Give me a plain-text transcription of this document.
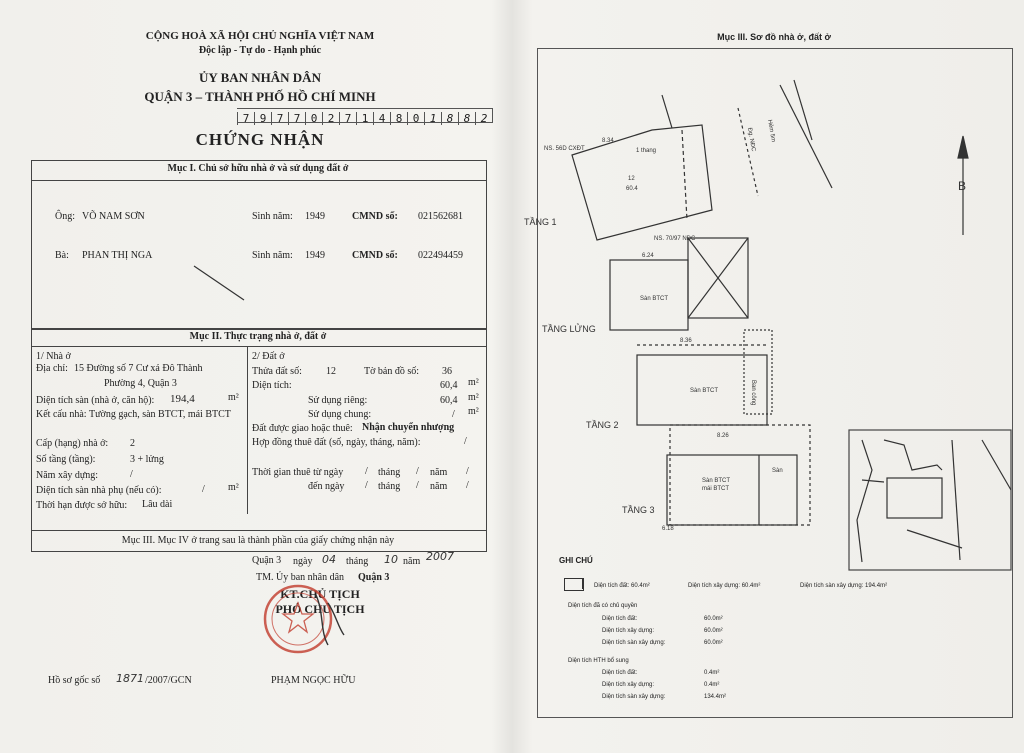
CỘNG HOÀ XÃ HỘI CHỦ NGHĨA VIỆT NAM
Độc lập - Tự do - Hạnh phúc
ỦY BAN NHÂN DÂN
QUẬN 3 – THÀNH PHỐ HỒ CHÍ MINH
7 9 7 7 0 2 7 1 4 8 0 1 8 8 2
CHỨNG NHẬN
Mục I. Chủ sở hữu nhà ở và sử dụng đất ở
Ông: VÕ NAM SƠN	Sinh năm: 1949	CMND số: 021562681
Bà: PHAN THỊ NGA	Sinh năm: 1949	CMND số: 022494459
Mục II. Thực trạng nhà ở, đất ở
1/ Nhà ở
Địa chỉ: 15 Đường số 7 Cư xá Đô Thành
Phường 4, Quận 3
Diện tích sàn (nhà ở, căn hộ): 194,4	m²
Kết cấu nhà: Tường gạch, sàn BTCT, mái BTCT
Cấp (hạng) nhà ở: 2
Số tầng (tầng):	3 + lửng
Năm xây dựng:	/
Diện tích sàn nhà phụ (nếu có):	/ m²
Thời hạn được sở hữu: Lâu dài
2/ Đất ở
Thửa đất số: 12	Tờ bản đồ số: 36
Diện tích:	60,4 m²
Sử dụng riêng:	60,4 m²
Sử dụng chung:	/ m²
Đất được giao hoặc thuê: Nhận chuyển nhượng
Hợp đồng thuê đất (số, ngày, tháng, năm):	/
Thời gian thuê từ ngày / tháng / năm /
đến ngày / tháng / năm /
Mục III. Mục IV ở trang sau là thành phần của giấy chứng nhận này
Quận 3 ngày 04 tháng 10 năm 2007
TM. Ủy ban nhân dân Quận 3
KT.CHỦ TỊCH
PHÓ CHỦ TỊCH
PHẠM NGỌC HỮU
Hồ sơ gốc số 1871 /2007/GCN
Mục III. Sơ đồ nhà ở, đất ở
12
60.4
NS. 56D CXĐT
NS. 70/97 NĐC
1 thang
Hẻm 5m
Đg. NĐC
8.34
6.24
8.36
6.18
8.26
Sàn BTCT
Sàn BTCT	Ban công
Sàn BTCT
mái BTCT
Sàn
TẦNG 1
TẦNG LỬNG
TẦNG 2
TẦNG 3
B
GHI CHÚ
Diện tích đất: 60.4m²	Diện tích xây dựng: 60.4m²	Diện tích sàn xây dựng: 194.4m²
Diện tích đã có chủ quyền
Diện tích đất:	60.0m²
Diện tích xây dựng:	60.0m²
Diện tích sàn xây dựng:	60.0m²
Diện tích HTH bổ sung
Diện tích đất:	0.4m²
Diện tích xây dựng:	0.4m²
Diện tích sàn xây dựng:	134.4m²
